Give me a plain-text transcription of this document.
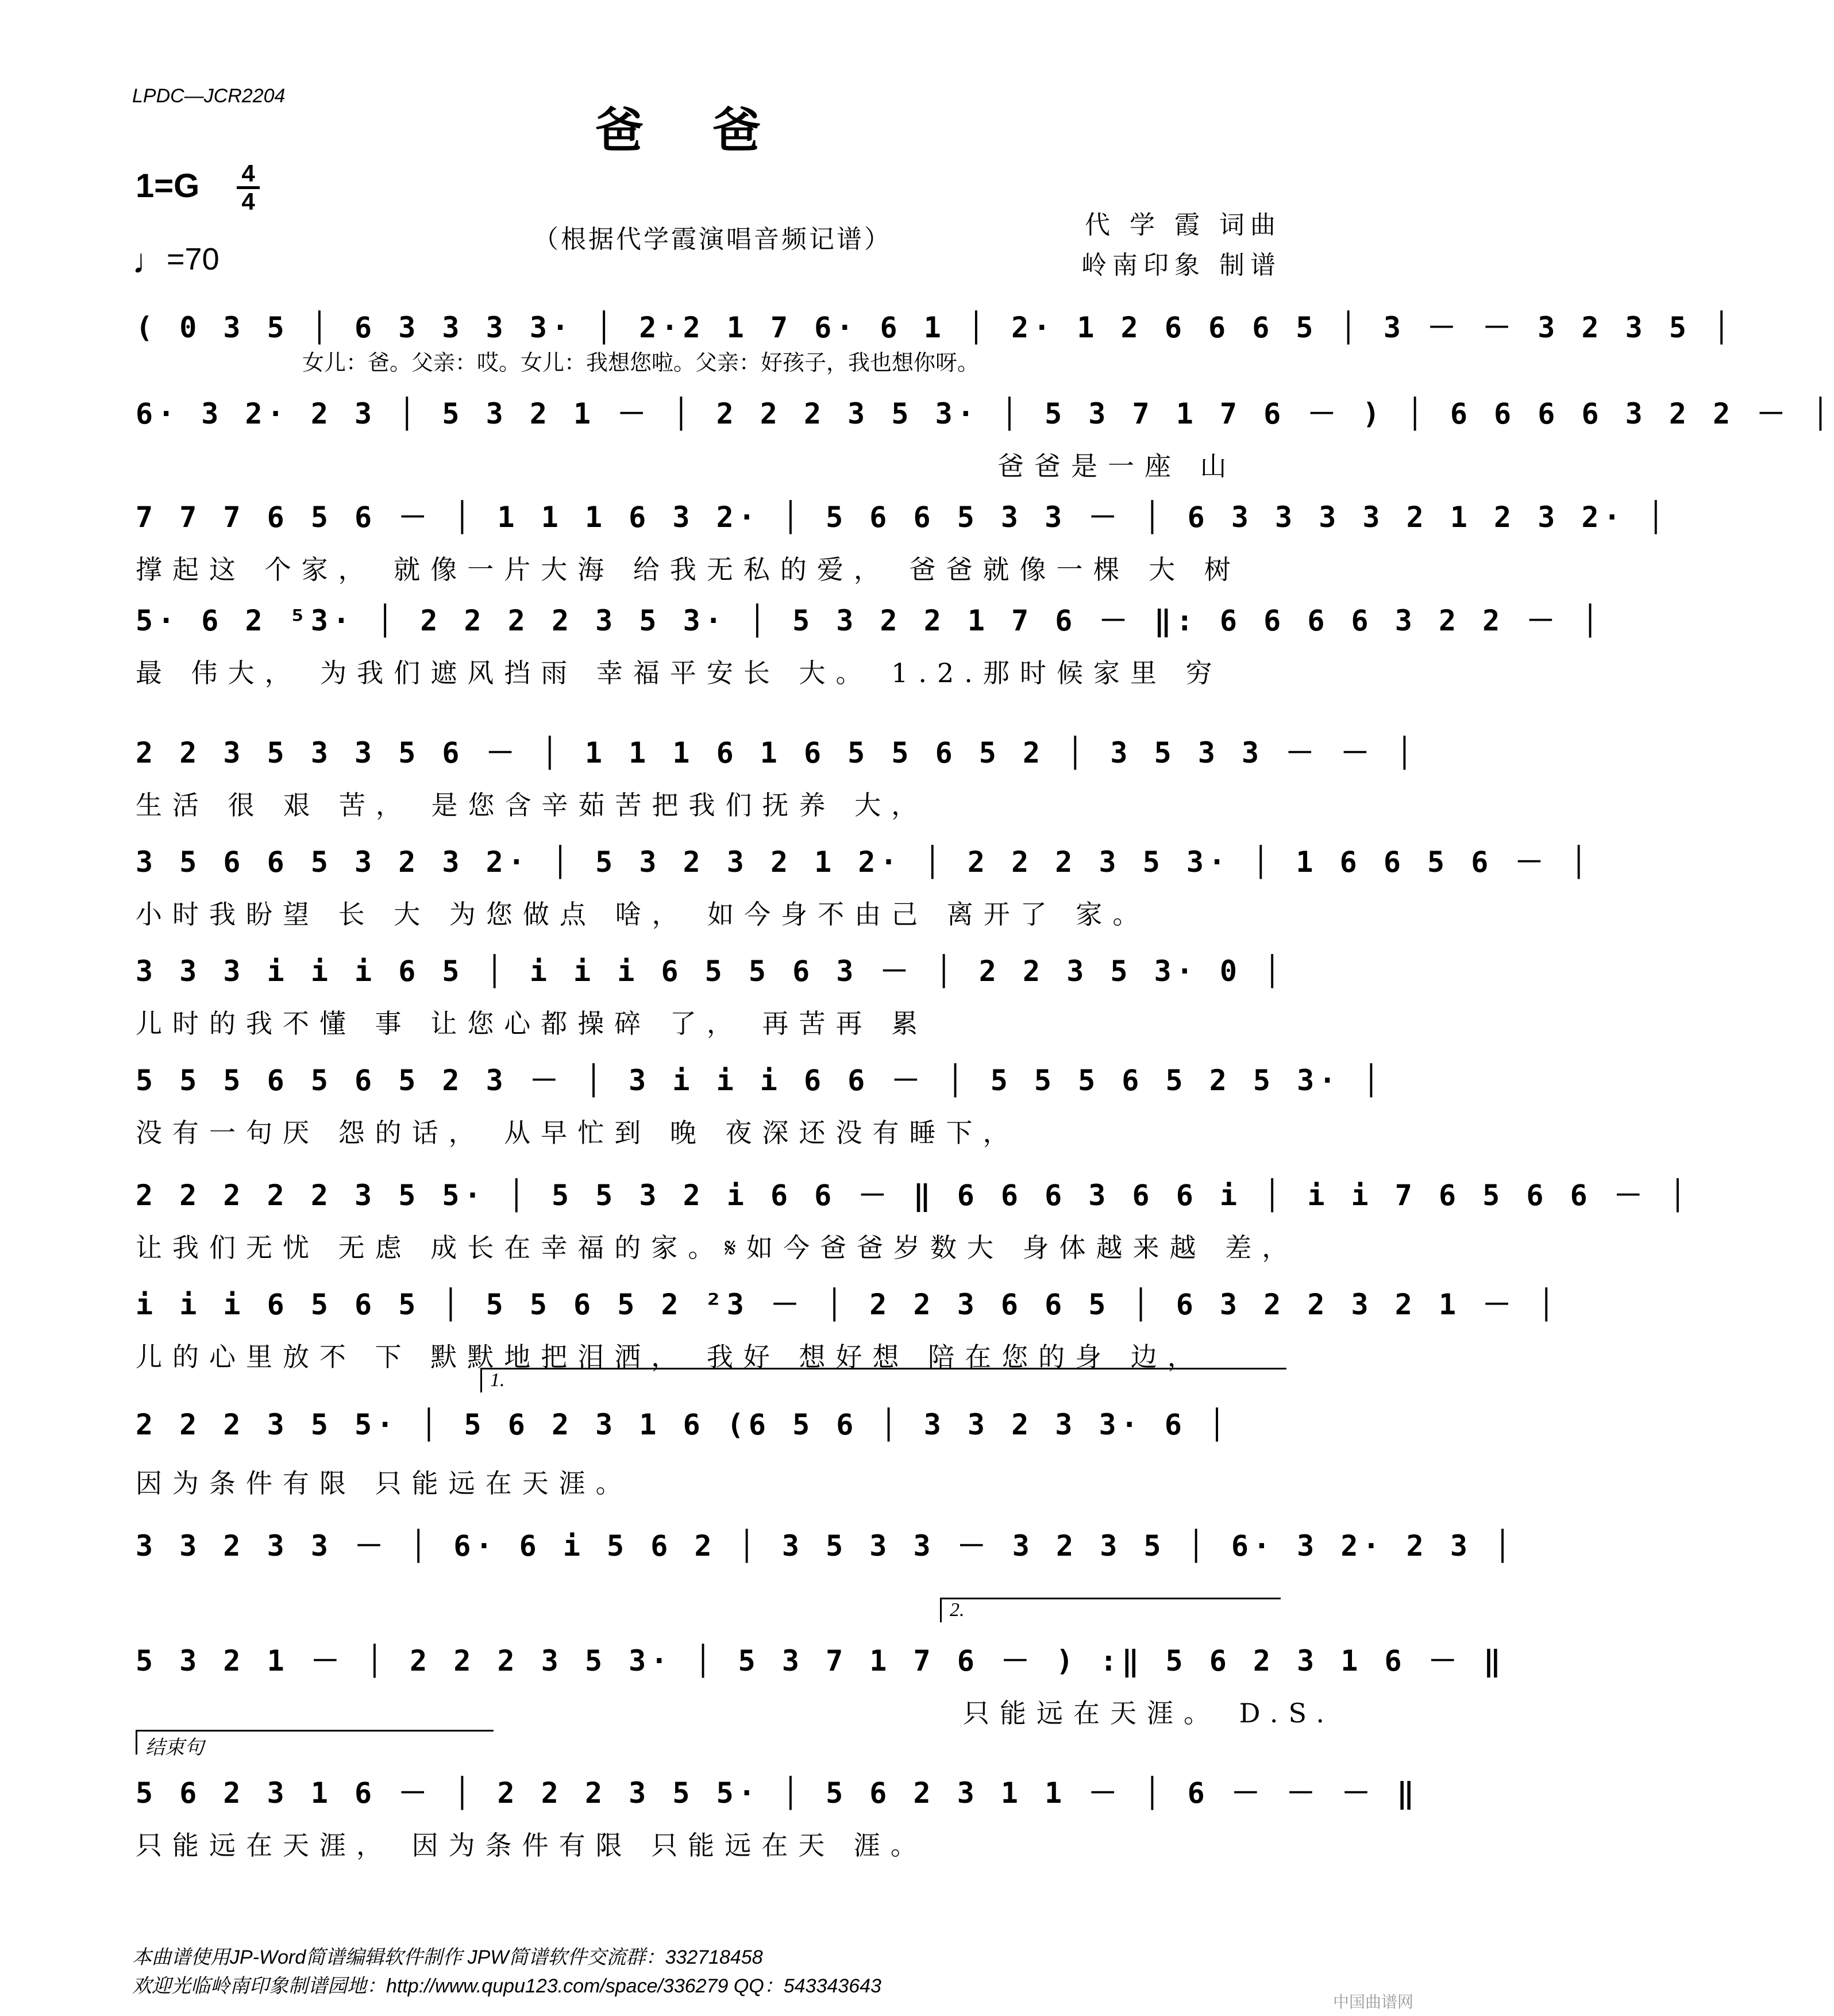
LPDC—JCR2204
爸爸
1=G 4
4
♩=70
（根据代学霞演唱音频记谱）	代 学 霞 词曲
岭南印象 制谱
( 0 3 5 │ 6 3 3 3 3· │ 2·2 1 7 6· 6 1 │ 2· 1 2 6 6 6 5 │ 3 － － 3 2 3 5 │
女儿：爸。父亲：哎。女儿：我想您啦。父亲：好孩子，我也想你呀。
6· 3 2· 2 3 │ 5 3 2 1 － │ 2 2 2 3 5 3· │ 5 3 7 1 7 6 － ) │ 6 6 6 6 3 2 2 － │
爸爸是一座 山
7 7 7 6 5 6 － │ 1 1 1 6 3 2· │ 5 6 6 5 3 3 － │ 6 3 3 3 3 2 1 2 3 2· │
撑起这 个家， 就像一片大海 给我无私的爱， 爸爸就像一棵 大 树
5· 6 2 ⁵3· │ 2 2 2 2 3 5 3· │ 5 3 2 2 1 7 6 － ‖: 6 6 6 6 3 2 2 － │
最 伟大， 为我们遮风挡雨 幸福平安长 大。 1.2.那时候家里 穷
2 2 3 5 3 3 5 6 － │ 1 1 1 6 1 6 5 5 6 5 2 │ 3 5 3 3 － － │
生活 很 艰 苦， 是您含辛茹苦把我们抚养 大，
3 5 6 6 5 3 2 3 2· │ 5 3 2 3 2 1 2· │ 2 2 2 3 5 3· │ 1 6 6 5 6 － │
小时我盼望 长 大 为您做点 啥， 如今身不由己 离开了 家。
3 3 3 i i i 6 5 │ i i i 6 5 5 6 3 － │ 2 2 3 5 3· 0 │
儿时的我不懂 事 让您心都操碎 了， 再苦再 累
5 5 5 6 5 6 5 2 3 － │ 3 i i i 6 6 － │ 5 5 5 6 5 2 5 3· │
没有一句厌 怨的话， 从早忙到 晚 夜深还没有睡下，
2 2 2 2 2 3 5 5· │ 5 5 3 2 i 6 6 － ‖ 6 6 6 3 6 6 i │ i i 7 6 5 6 6 － │
让我们无忧 无虑 成长在幸福的家。𝄋如今爸爸岁数大 身体越来越 差，
i i i 6 5 6 5 │ 5 5 6 5 2 ²3 － │ 2 2 3 6 6 5 │ 6 3 2 2 3 2 1 － │
儿的心里放不 下 默默地把泪洒， 我好 想好想 陪在您的身 边，
1.
2 2 2 3 5 5· │ 5 6 2 3 1 6 (6 5 6 │ 3 3 2 3 3· 6 │
因为条件有限 只能远在天涯。
3 3 2 3 3 － │ 6· 6 i 5 6 2 │ 3 5 3 3 － 3 2 3 5 │ 6· 3 2· 2 3 │
2.
5 3 2 1 － │ 2 2 2 3 5 3· │ 5 3 7 1 7 6 － ) :‖ 5 6 2 3 1 6 － ‖
只能远在天涯。 D.S.
结束句
5 6 2 3 1 6 － │ 2 2 2 3 5 5· │ 5 6 2 3 1 1 － │ 6 － － － ‖
只能远在天涯， 因为条件有限 只能远在天 涯。
本曲谱使用JP-Word简谱编辑软件制作 JPW简谱软件交流群：332718458
欢迎光临岭南印象制谱园地：http://www.qupu123.com/space/336279 QQ：543343643
中国曲谱网
